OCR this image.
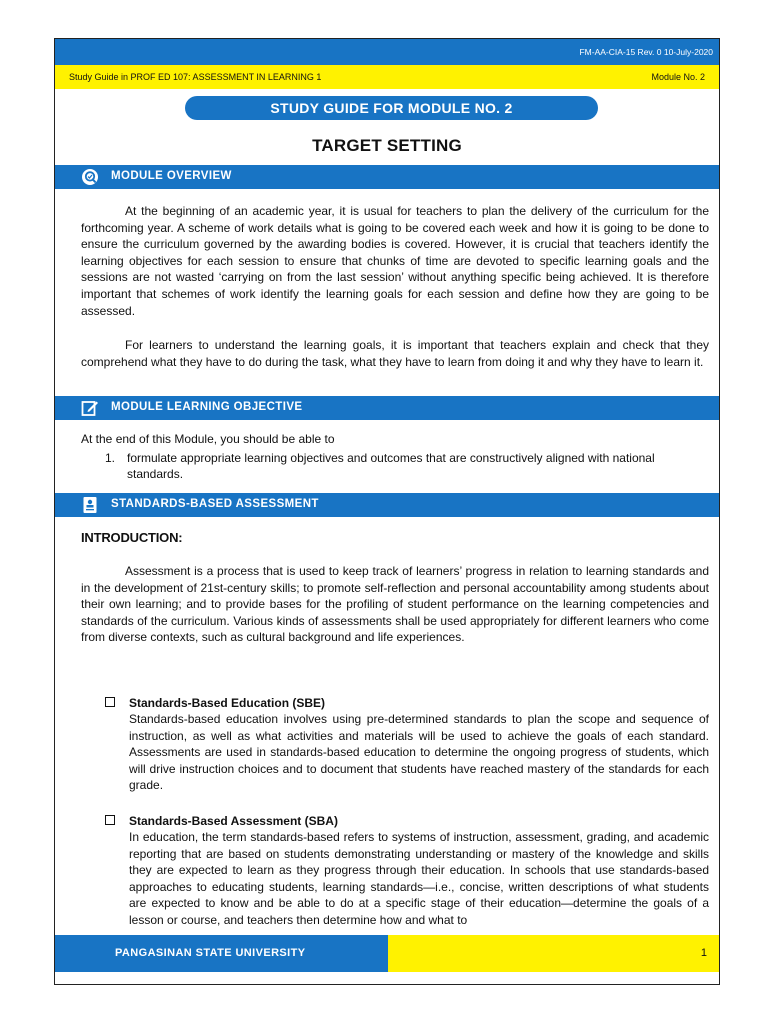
FM-AA-CIA-15 Rev. 0 10-July-2020
Study Guide in PROF ED 107: ASSESSMENT IN LEARNING 1	Module No. 2
STUDY GUIDE FOR MODULE NO. 2
TARGET SETTING
MODULE OVERVIEW

At the beginning of an academic year, it is usual for teachers to plan the delivery of the curriculum for the forthcoming year. A scheme of work details what is going to be covered each week and how it is going to be done to ensure the curriculum governed by the awarding bodies is covered. However, it is crucial that teachers identify the learning objectives for each session to ensure that chunks of time are devoted to specific learning goals and the sessions are not wasted ‘carrying on from the last session’ without anything specific being achieved. It is therefore important that schemes of work identify the learning goals for each session and define how they are going to be assessed.

For learners to understand the learning goals, it is important that teachers explain and check that they comprehend what they have to do during the task, what they have to learn from doing it and why they have to learn it.

MODULE LEARNING OBJECTIVE
At the end of this Module, you should be able to
1. formulate appropriate learning objectives and outcomes that are constructively aligned with national standards.
STANDARDS-BASED ASSESSMENT
INTRODUCTION:

Assessment is a process that is used to keep track of learners’ progress in relation to learning standards and in the development of 21st-century skills; to promote self-reflection and personal accountability among students about their own learning; and to provide bases for the profiling of student performance on the learning competencies and standards of the curriculum. Various kinds of assessments shall be used appropriately for different learners who come from diverse contexts, such as cultural background and life experiences.

Standards-Based Education (SBE)
Standards-based education involves using pre-determined standards to plan the scope and sequence of instruction, as well as what activities and materials will be used to achieve the goals of each standard. Assessments are used in standards-based education to determine the ongoing progress of students, which will drive instruction choices and to document that students have reached mastery of the standards for each grade.
Standards-Based Assessment (SBA)
In education, the term standards-based refers to systems of instruction, assessment, grading, and academic reporting that are based on students demonstrating understanding or mastery of the knowledge and skills they are expected to learn as they progress through their education. In schools that use standards-based approaches to educating students, learning standards—i.e., concise, written descriptions of what students are expected to know and be able to do at a specific stage of their education—determine the goals of a lesson or course, and teachers then determine how and what to
PANGASINAN STATE UNIVERSITY	1
